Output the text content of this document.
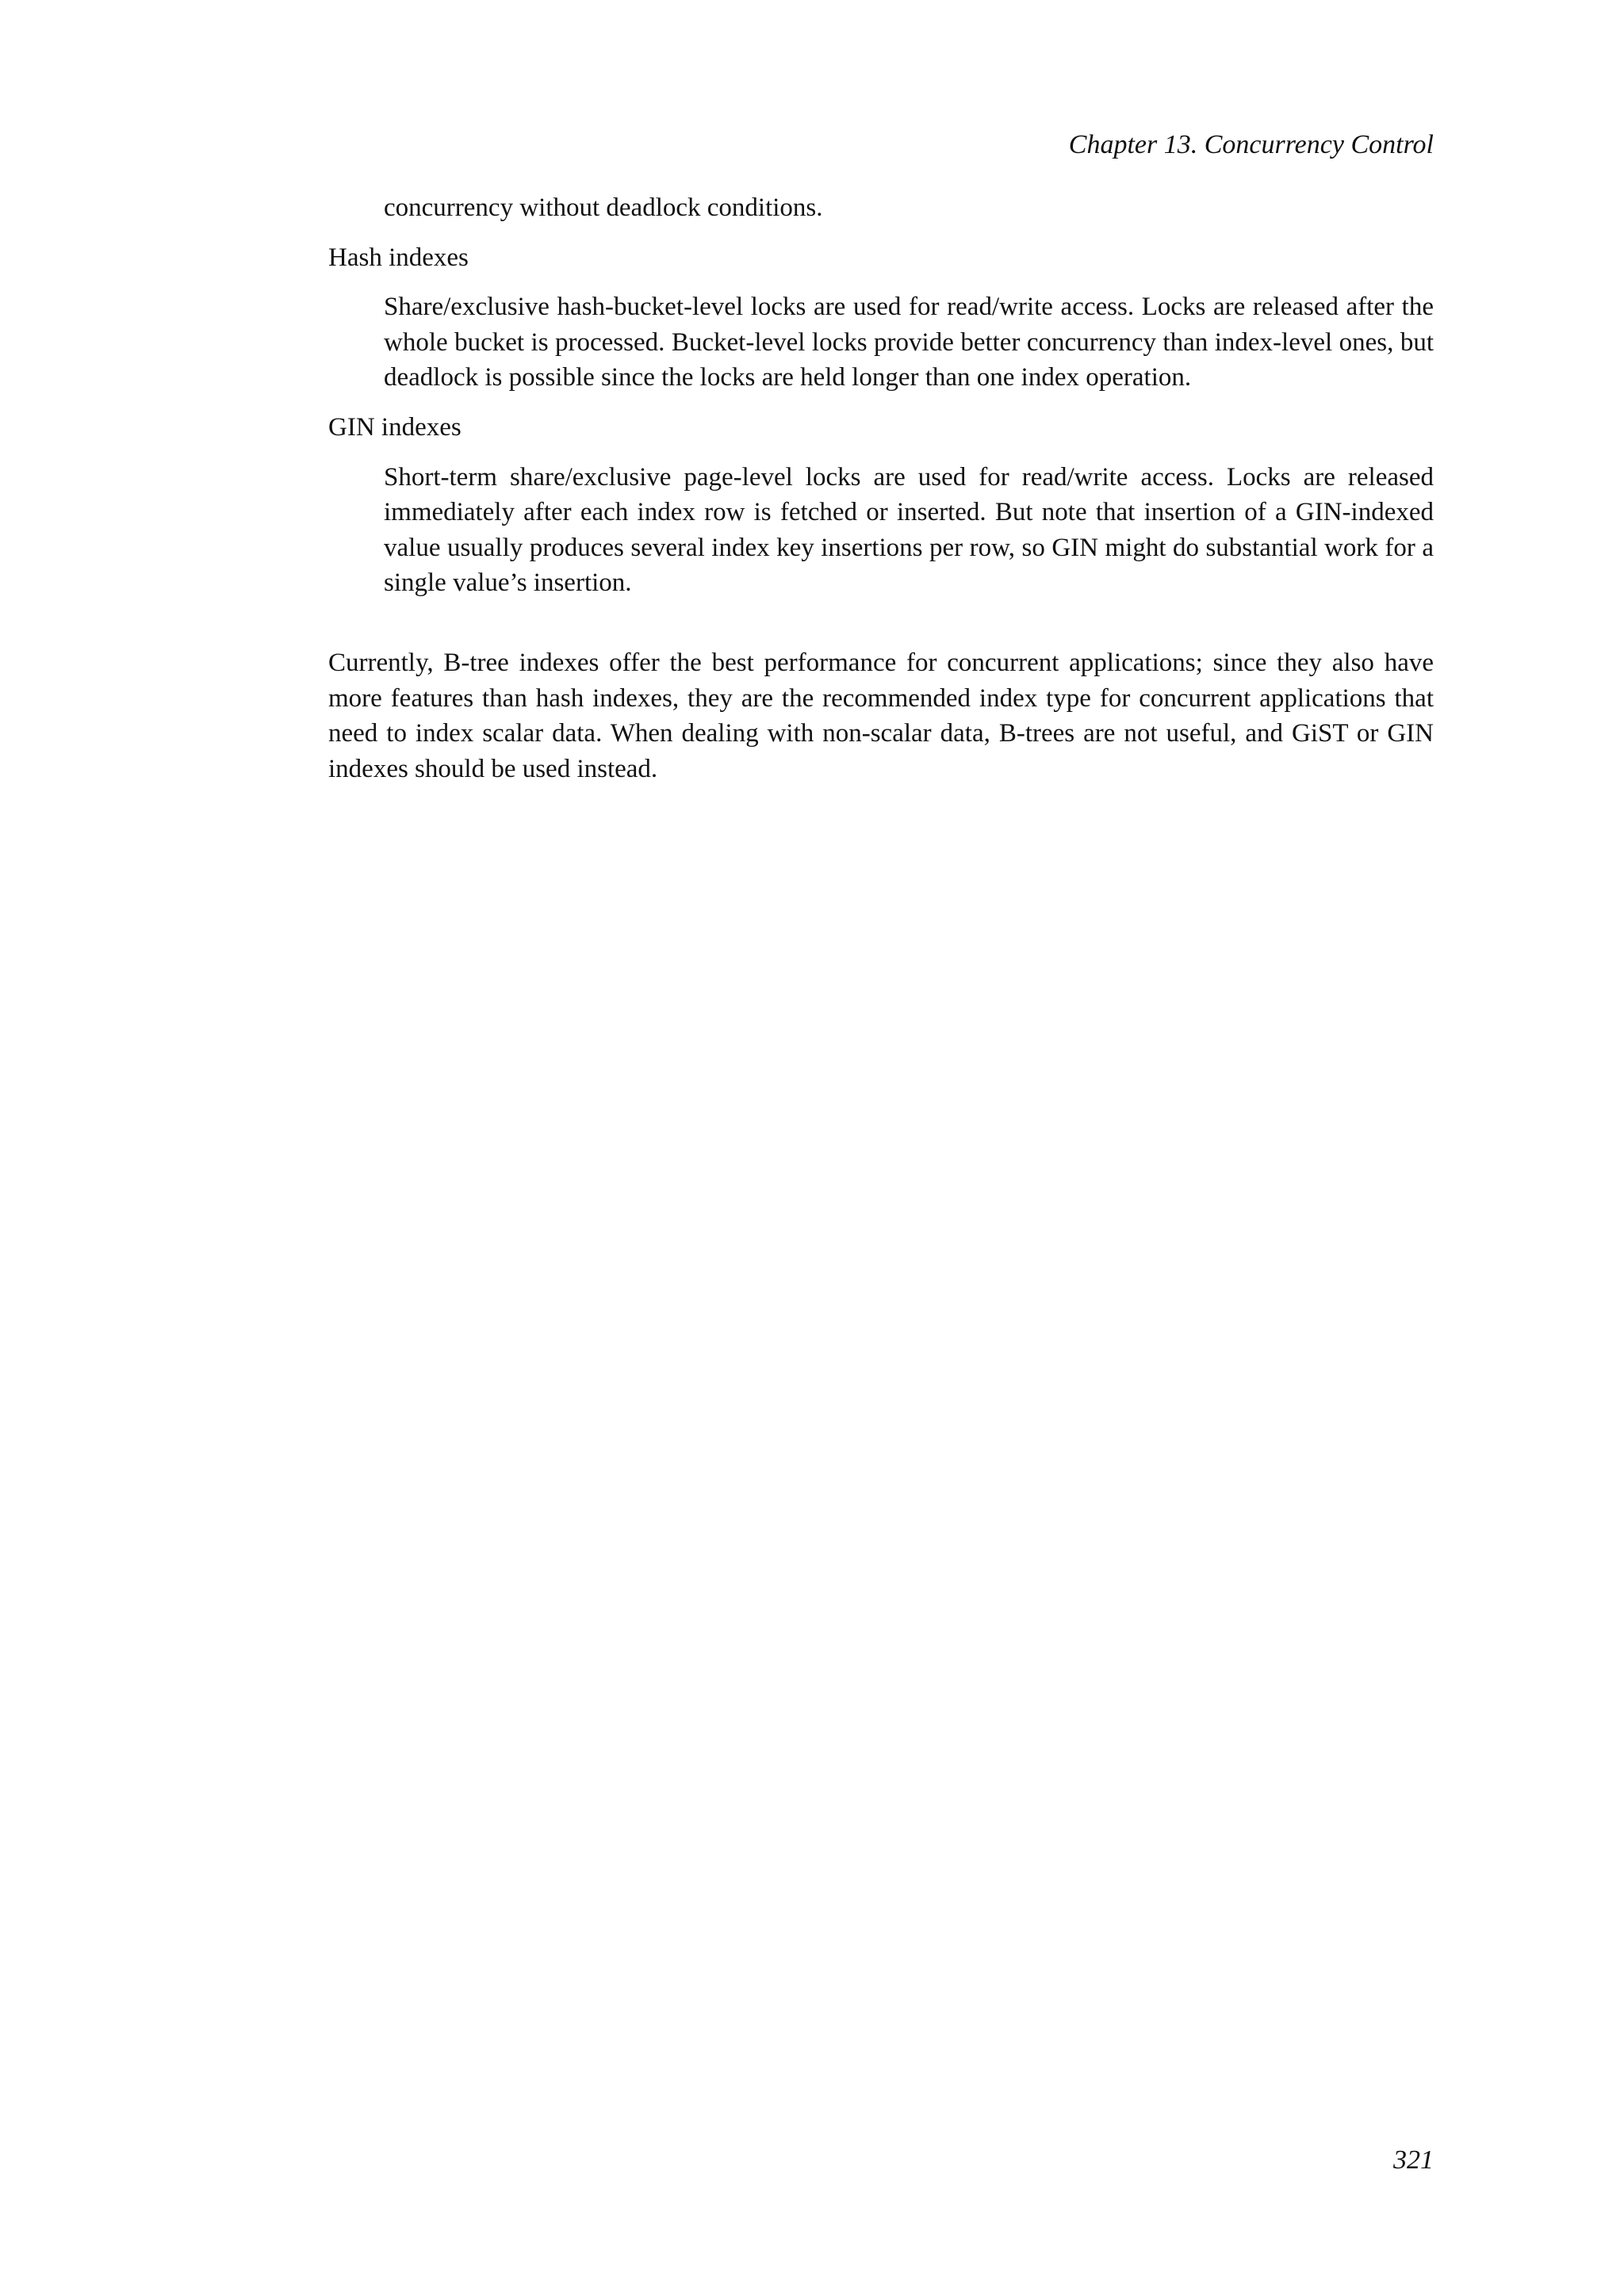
Chapter 13. Concurrency Control
concurrency without deadlock conditions.
Hash indexes
Share/exclusive hash-bucket-level locks are used for read/write access. Locks are released after the whole bucket is processed. Bucket-level locks provide better concurrency than index-level ones, but deadlock is possible since the locks are held longer than one index operation.
GIN indexes
Short-term share/exclusive page-level locks are used for read/write access. Locks are released immediately after each index row is fetched or inserted. But note that insertion of a GIN-indexed value usually produces several index key insertions per row, so GIN might do substantial work for a single value’s insertion.
Currently, B-tree indexes offer the best performance for concurrent applications; since they also have more features than hash indexes, they are the recommended index type for concurrent applications that need to index scalar data. When dealing with non-scalar data, B-trees are not useful, and GiST or GIN indexes should be used instead.
321
